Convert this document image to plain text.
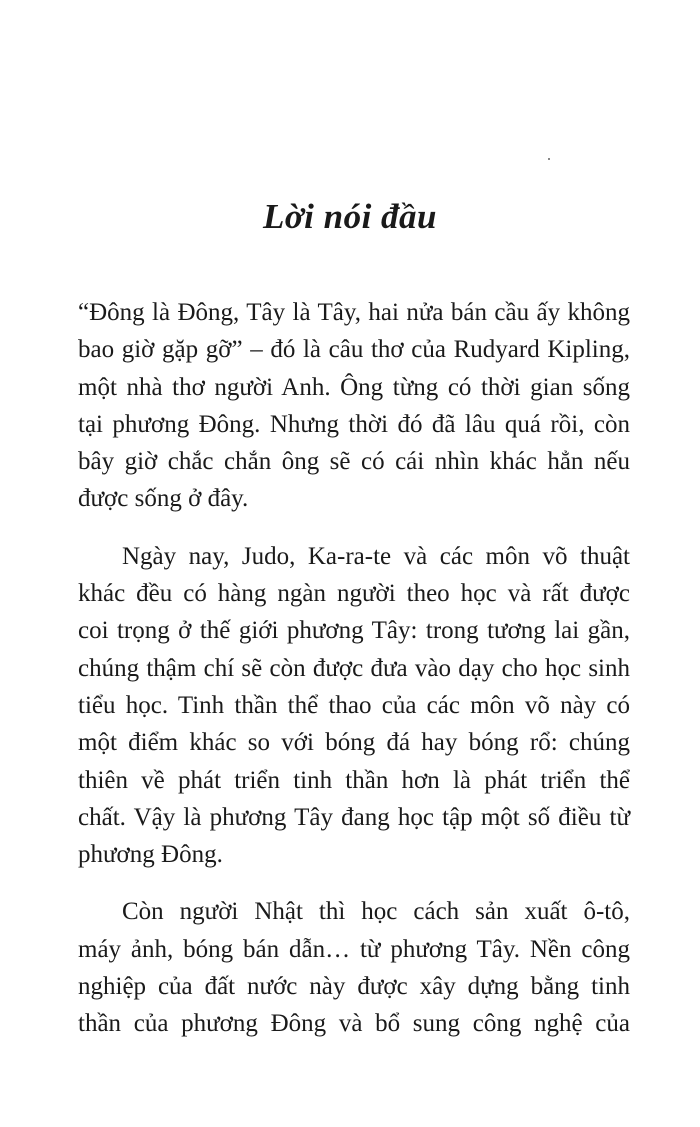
Lời nói đầu

“Đông là Đông, Tây là Tây, hai nửa bán cầu ấy không
bao giờ gặp gỡ” – đó là câu thơ của Rudyard Kipling,
một nhà thơ người Anh. Ông từng có thời gian sống
tại phương Đông. Nhưng thời đó đã lâu quá rồi, còn
bây giờ chắc chắn ông sẽ có cái nhìn khác hẳn nếu
được sống ở đây.

Ngày nay, Judo, Ka-ra-te và các môn võ thuật
khác đều có hàng ngàn người theo học và rất được
coi trọng ở thế giới phương Tây: trong tương lai gần,
chúng thậm chí sẽ còn được đưa vào dạy cho học sinh
tiểu học. Tinh thần thể thao của các môn võ này có
một điểm khác so với bóng đá hay bóng rổ: chúng
thiên về phát triển tinh thần hơn là phát triển thể
chất. Vậy là phương Tây đang học tập một số điều từ
phương Đông.

Còn người Nhật thì học cách sản xuất ô-tô,
máy ảnh, bóng bán dẫn… từ phương Tây. Nền công
nghiệp của đất nước này được xây dựng bằng tinh
thần của phương Đông và bổ sung công nghệ của
